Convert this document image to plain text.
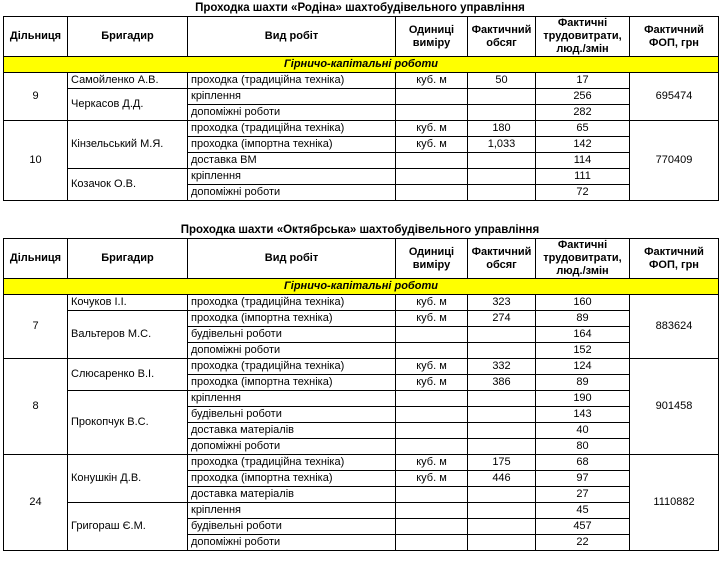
Проходка шахти «Родіна» шахтобудівельного управління
Дільниця	Бригадир	Вид робіт	Одиниці виміру	Фактичний обсяг	Фактичні трудовитрати, люд./змін	Фактичний ФОП, грн
Гірничо-капітальні роботи						
9	Самойленко А.В.	проходка (традиційна техніка)	куб. м	50	17	695474
	Черкасов Д.Д.	кріплення			256	
		допоміжні роботи			282	
10	Кінзельський М.Я.	проходка (традиційна техніка)	куб. м	180	65	770409
		проходка (імпортна техніка)	куб. м	1,033	142	
		доставка ВМ			114	
	Козачок О.В.	кріплення			111	
		допоміжні роботи			72	
Проходка шахти «Октябрська» шахтобудівельного управління
Дільниця	Бригадир	Вид робіт	Одиниці виміру	Фактичний обсяг	Фактичні трудовитрати, люд./змін	Фактичний ФОП, грн
Гірничо-капітальні роботи						
7	Кочуков І.І.	проходка (традиційна техніка)	куб. м	323	160	883624
	Вальтеров М.С.	проходка (імпортна техніка)	куб. м	274	89	
		будівельні роботи			164	
		допоміжні роботи			152	
8	Слюсаренко В.І.	проходка (традиційна техніка)	куб. м	332	124	901458
		проходка (імпортна техніка)	куб. м	386	89	
	Прокопчук В.С.	кріплення			190	
		будівельні роботи			143	
		доставка матеріалів			40	
		допоміжні роботи			80	
24	Конушкін Д.В.	проходка (традиційна техніка)	куб. м	175	68	1110882
		проходка (імпортна техніка)	куб. м	446	97	
		доставка матеріалів			27	
	Григораш Є.М.	кріплення			45	
		будівельні роботи			457	
		допоміжні роботи			22	
